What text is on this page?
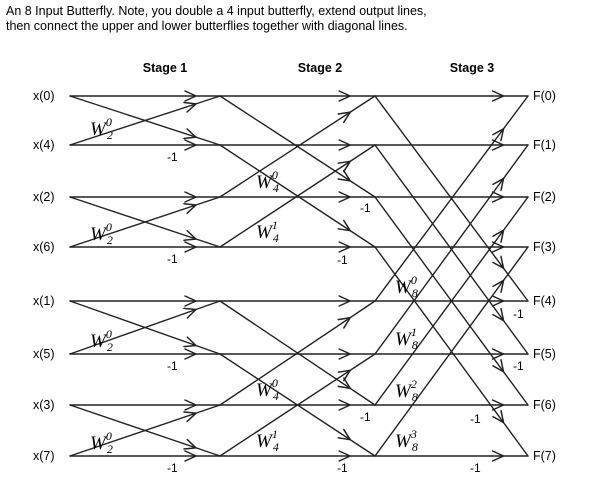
An 8 Input Butterfly. Note, you double a 4 input butterfly, extend output lines,
then connect the upper and lower butterflies together with diagonal lines.

Stage 1	Stage 2	Stage 3
x(0)
x(4)
x(2)
x(6)
x(1)
x(5)
x(3)
x(7)
F(0)
F(1)
F(2)
F(3)
F(4)
F(5)
F(6)
F(7)
$W_20$
$W_20$
$W_20$
$W_20$
$W_40$
$W_41$
$W_40$
$W_41$
$W_80$
$W_81$
$W_82$
$W_83$
-1
-1
-1
-1
-1
-1
-1
-1
-1
-1
-1
-1
